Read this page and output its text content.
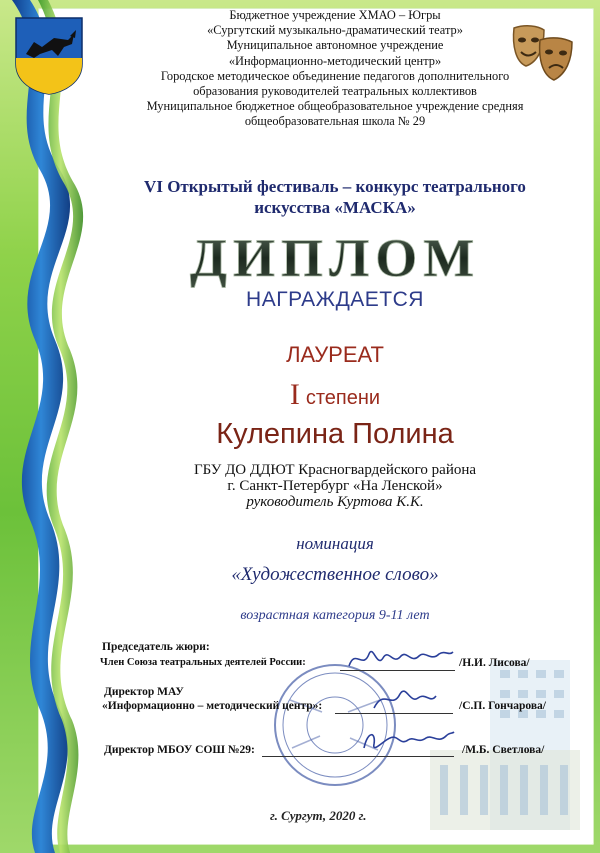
Бюджетное учреждение ХМАО – Югры
«Сургутский музыкально-драматический театр»
Муниципальное автономное учреждение
«Информационно-методический центр»
Городское методическое объединение педагогов дополнительного
образования руководителей театральных коллективов
Муниципальное бюджетное общеобразовательное учреждение средняя
общеобразовательная школа № 29
VI Открытый фестиваль – конкурс театрального
искусства «МАСКА»
ДИПЛОМ
НАГРАЖДАЕТСЯ
ЛАУРЕАТ
Iстепени
Кулепина Полина
ГБУ ДО ДДЮТ Красногвардейского района
г. Санкт-Петербург «На Ленской»
руководитель Куртова К.К.
номинация
«Художественное слово»
возрастная категория 9-11 лет
Председатель жюри:
Член Союза театральных деятелей России:	/Н.И. Лисова/
Директор МАУ
«Информационно – методический центр»:	/С.П. Гончарова/
Директор МБОУ СОШ №29:	/М.Б. Светлова/
г. Сургут, 2020 г.
